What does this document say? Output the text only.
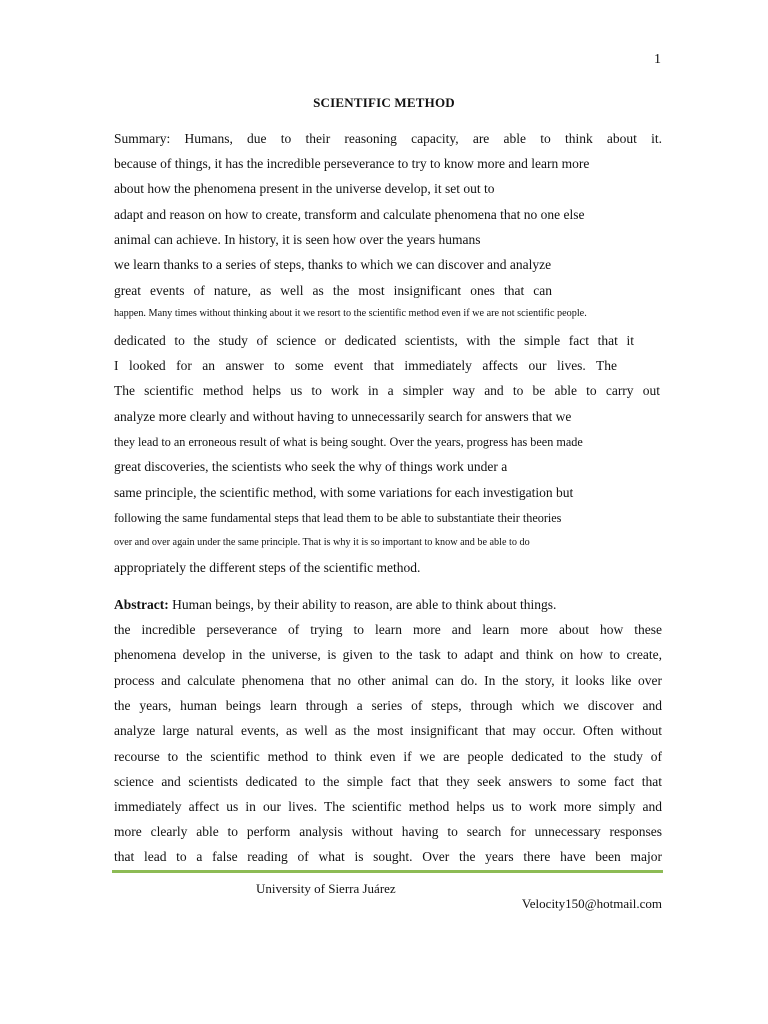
1
SCIENTIFIC METHOD
Summary: Humans, due to their reasoning capacity, are able to think about it.
because of things, it has the incredible perseverance to try to know more and learn more
about how the phenomena present in the universe develop, it set out to
adapt and reason on how to create, transform and calculate phenomena that no one else
animal can achieve. In history, it is seen how over the years humans
we learn thanks to a series of steps, thanks to which we can discover and analyze
great events of nature, as well as the most insignificant ones that can
happen. Many times without thinking about it we resort to the scientific method even if we are not scientific people.
dedicated to the study of science or dedicated scientists, with the simple fact that it
I looked for an answer to some event that immediately affects our lives. The
The scientific method helps us to work in a simpler way and to be able to carry out
analyze more clearly and without having to unnecessarily search for answers that we
they lead to an erroneous result of what is being sought. Over the years, progress has been made
great discoveries, the scientists who seek the why of things work under a
same principle, the scientific method, with some variations for each investigation but
following the same fundamental steps that lead them to be able to substantiate their theories
over and over again under the same principle. That is why it is so important to know and be able to do
appropriately the different steps of the scientific method.
Abstract: Human beings, by their ability to reason, are able to think about things.
the incredible perseverance of trying to learn more and learn more about how these
phenomena develop in the universe, is given to the task to adapt and think on how to create,
process and calculate phenomena that no other animal can do. In the story, it looks like over
the years, human beings learn through a series of steps, through which we discover and
analyze large natural events, as well as the most insignificant that may occur. Often without
recourse to the scientific method to think even if we are people dedicated to the study of
science and scientists dedicated to the simple fact that they seek answers to some fact that
immediately affect us in our lives. The scientific method helps us to work more simply and
more clearly able to perform analysis without having to search for unnecessary responses
that lead to a false reading of what is sought. Over the years there have been major
University of Sierra Juárez
Velocity150@hotmail.com
